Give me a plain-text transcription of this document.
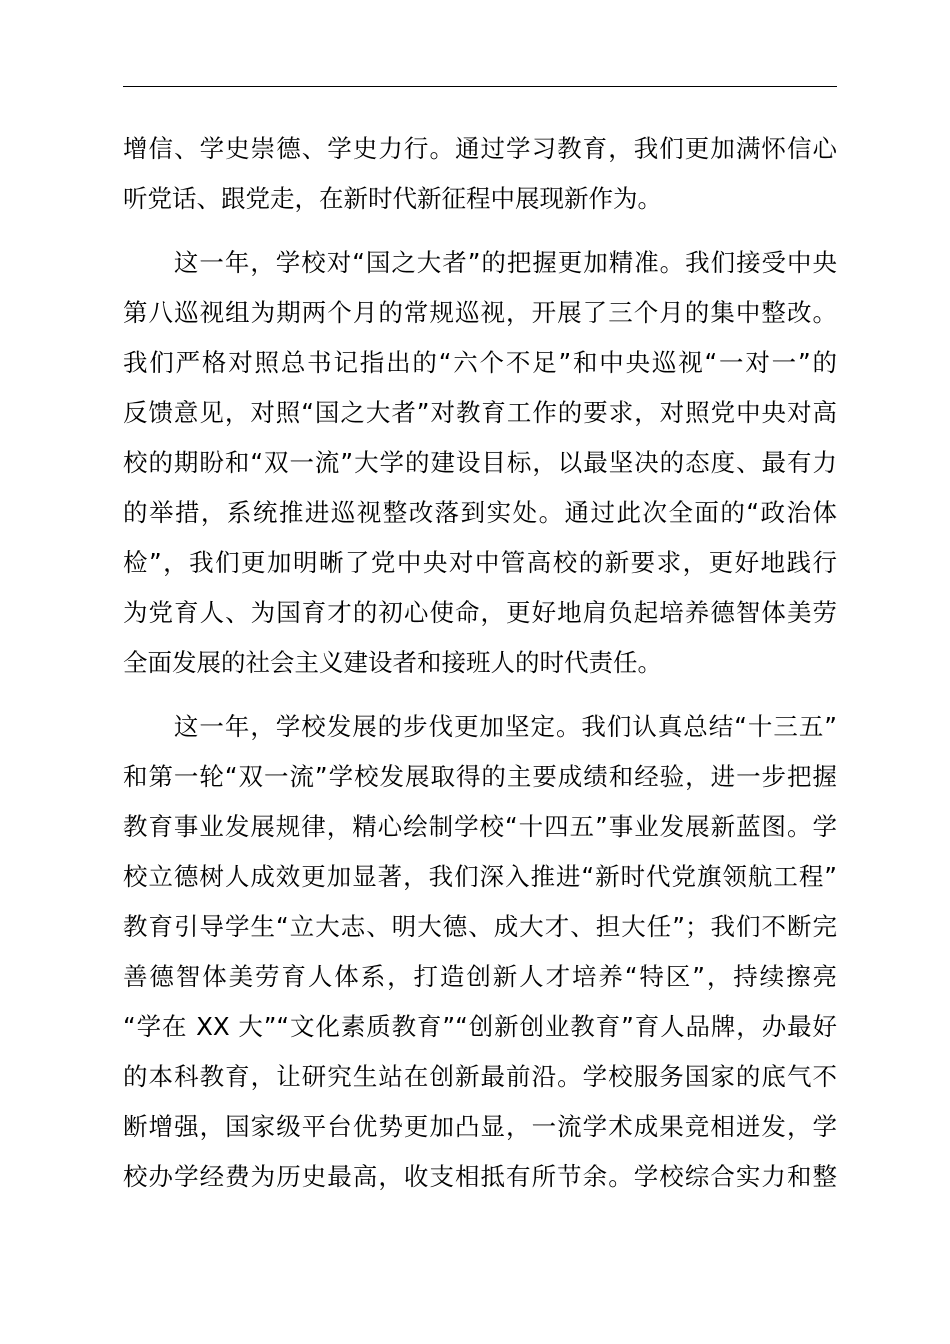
增信、学史崇德、学史力行。通过学习教育，我们更加满怀信心
听党话、跟党走，在新时代新征程中展现新作为。
　　这一年，学校对“国之大者”的把握更加精准。我们接受中央
第八巡视组为期两个月的常规巡视，开展了三个月的集中整改。
我们严格对照总书记指出的“六个不足”和中央巡视“一对一”的
反馈意见，对照“国之大者”对教育工作的要求，对照党中央对高
校的期盼和“双一流”大学的建设目标，以最坚决的态度、最有力
的举措，系统推进巡视整改落到实处。通过此次全面的“政治体
检”，我们更加明晰了党中央对中管高校的新要求，更好地践行
为党育人、为国育才的初心使命，更好地肩负起培养德智体美劳
全面发展的社会主义建设者和接班人的时代责任。
　　这一年，学校发展的步伐更加坚定。我们认真总结“十三五”
和第一轮“双一流”学校发展取得的主要成绩和经验，进一步把握
教育事业发展规律，精心绘制学校“十四五”事业发展新蓝图。学
校立德树人成效更加显著，我们深入推进“新时代党旗领航工程”
教育引导学生“立大志、明大德、成大才、担大任”；我们不断完
善德智体美劳育人体系，打造创新人才培养“特区”，持续擦亮
“学在 XX 大”“文化素质教育”“创新创业教育”育人品牌，办最好
的本科教育，让研究生站在创新最前沿。学校服务国家的底气不
断增强，国家级平台优势更加凸显，一流学术成果竞相迸发，学
校办学经费为历史最高，收支相抵有所节余。学校综合实力和整
